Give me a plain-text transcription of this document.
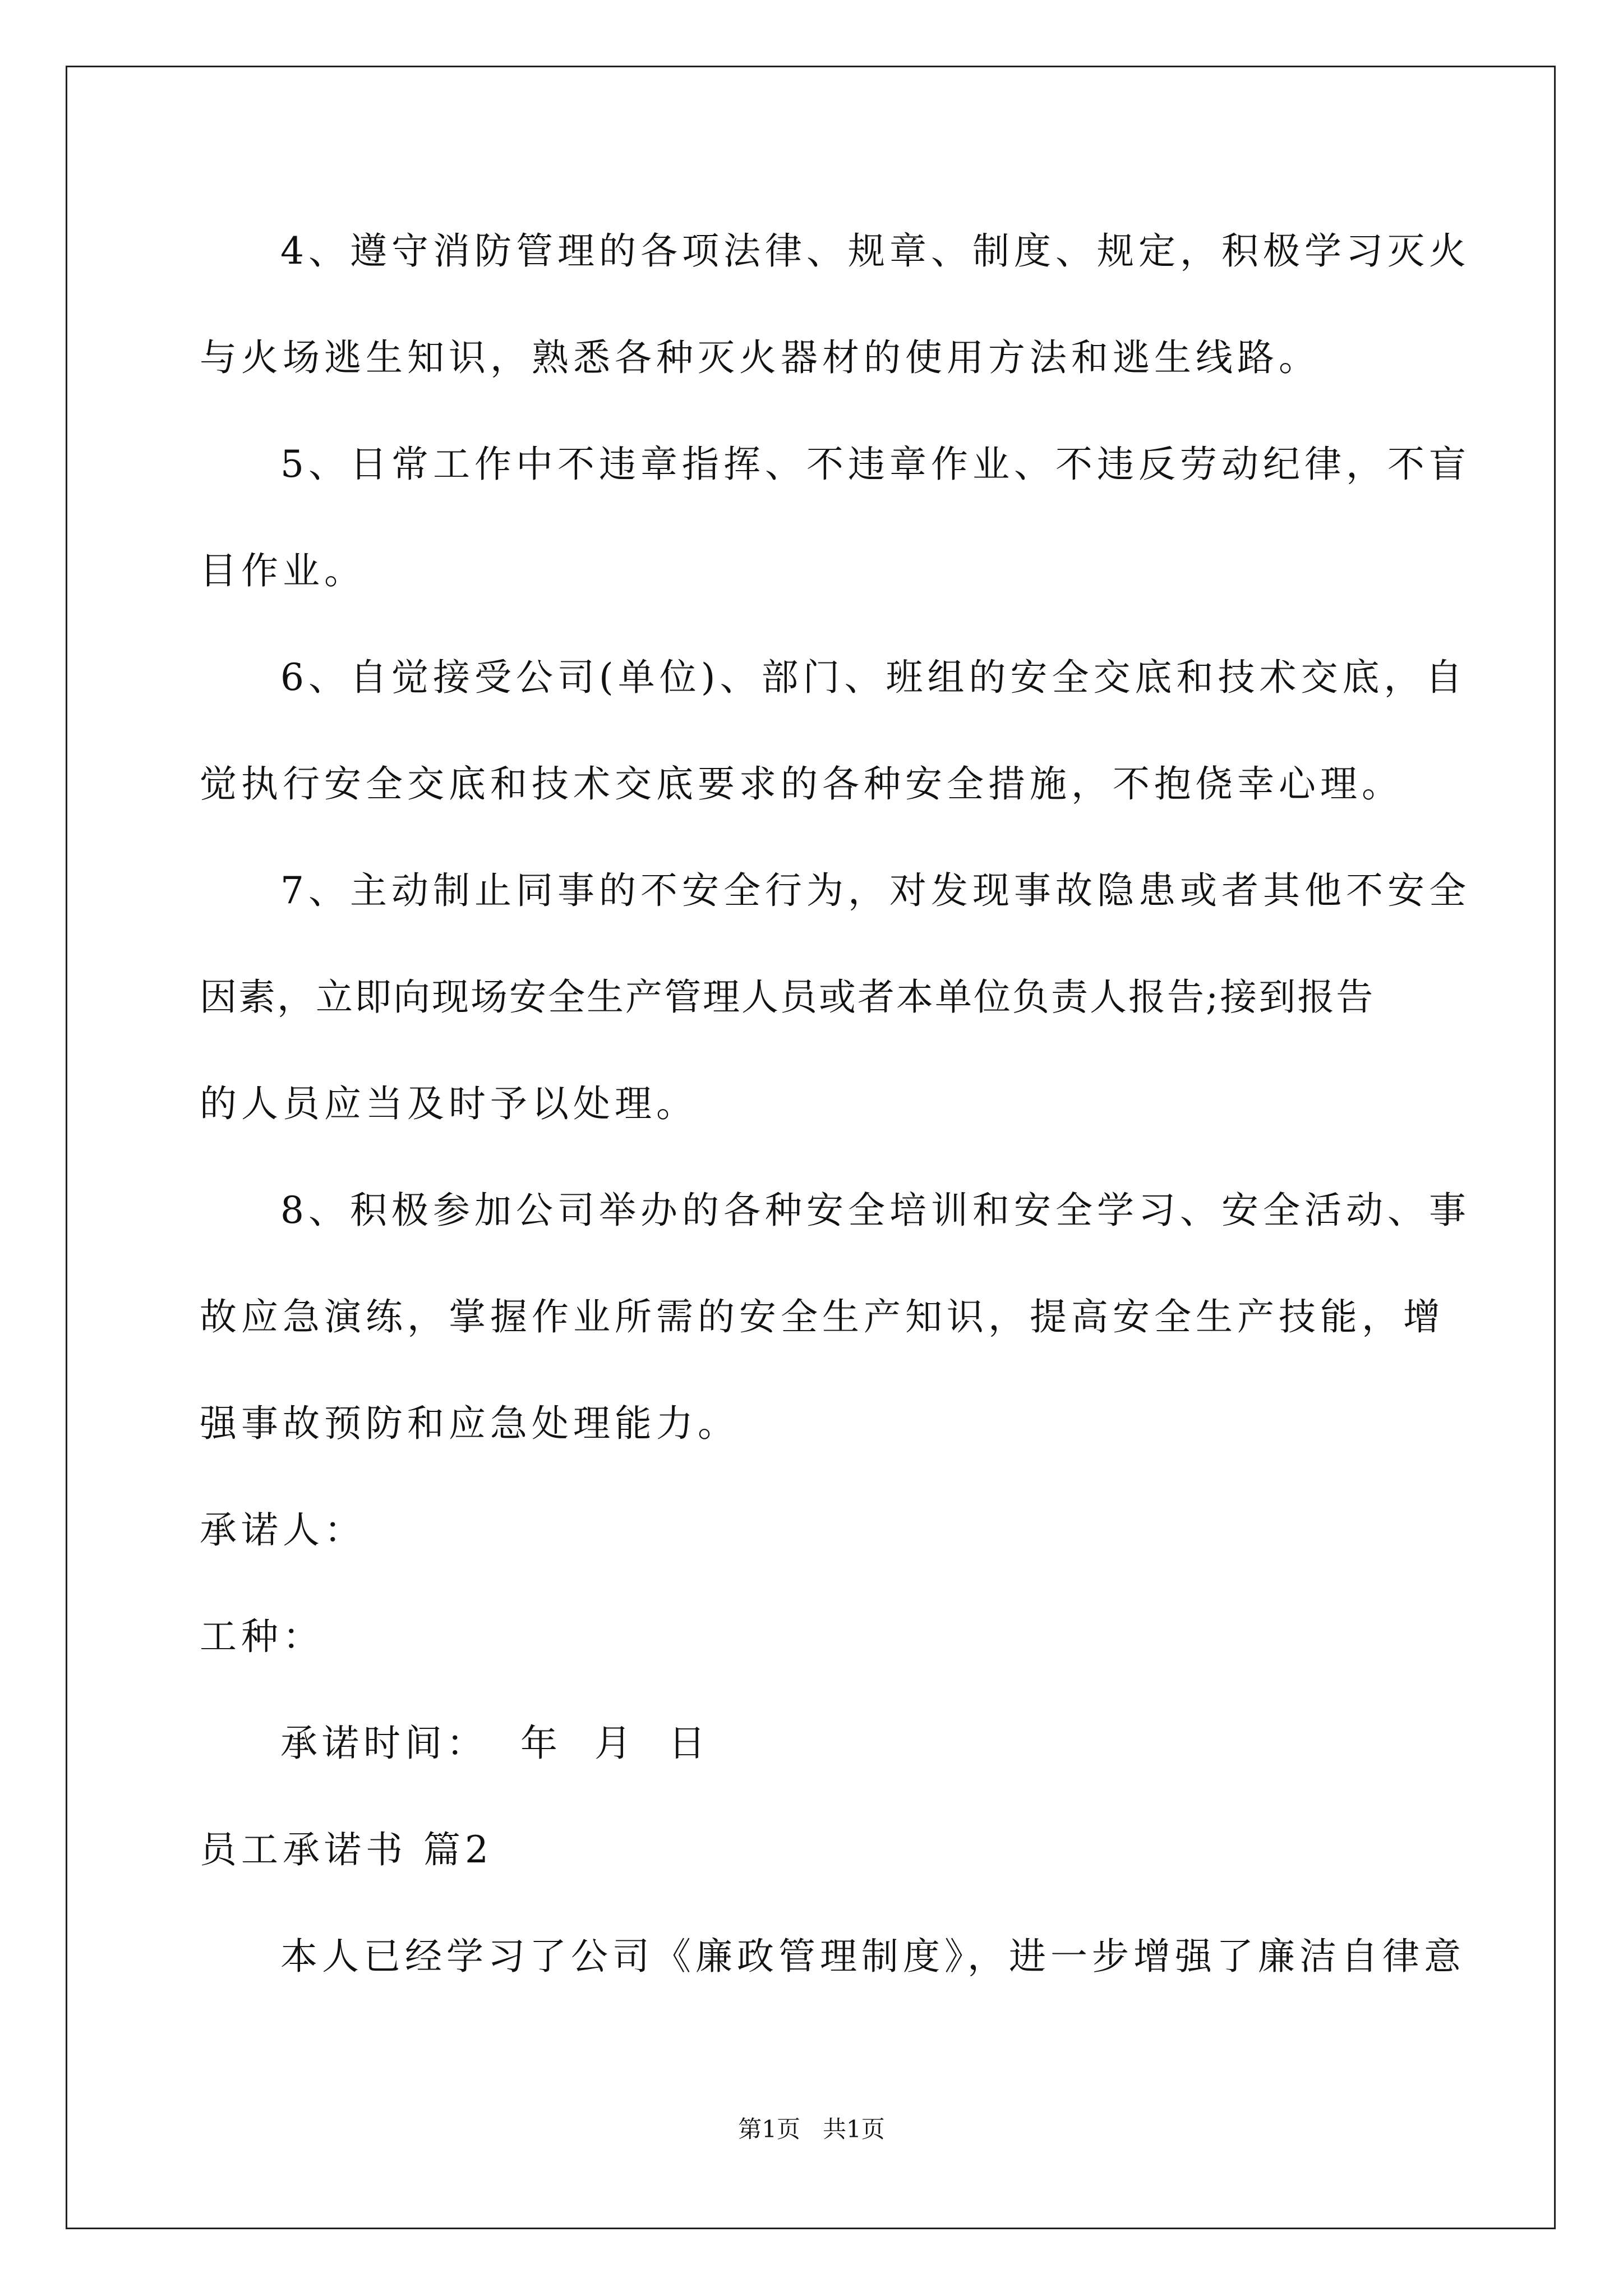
4、遵守消防管理的各项法律、规章、制度、规定，积极学习灭火
与火场逃生知识，熟悉各种灭火器材的使用方法和逃生线路。
5、日常工作中不违章指挥、不违章作业、不违反劳动纪律，不盲
目作业。
6、自觉接受公司(单位)、部门、班组的安全交底和技术交底，自
觉执行安全交底和技术交底要求的各种安全措施，不抱侥幸心理。
7、主动制止同事的不安全行为，对发现事故隐患或者其他不安全
因素，立即向现场安全生产管理人员或者本单位负责人报告;接到报告
的人员应当及时予以处理。
8、积极参加公司举办的各种安全培训和安全学习、安全活动、事
故应急演练，掌握作业所需的安全生产知识，提高安全生产技能，增
强事故预防和应急处理能力。
承诺人：
工种：
承诺时间：  年  月  日
员工承诺书 篇2
本人已经学习了公司《廉政管理制度》，进一步增强了廉洁自律意
第1页   共1页
